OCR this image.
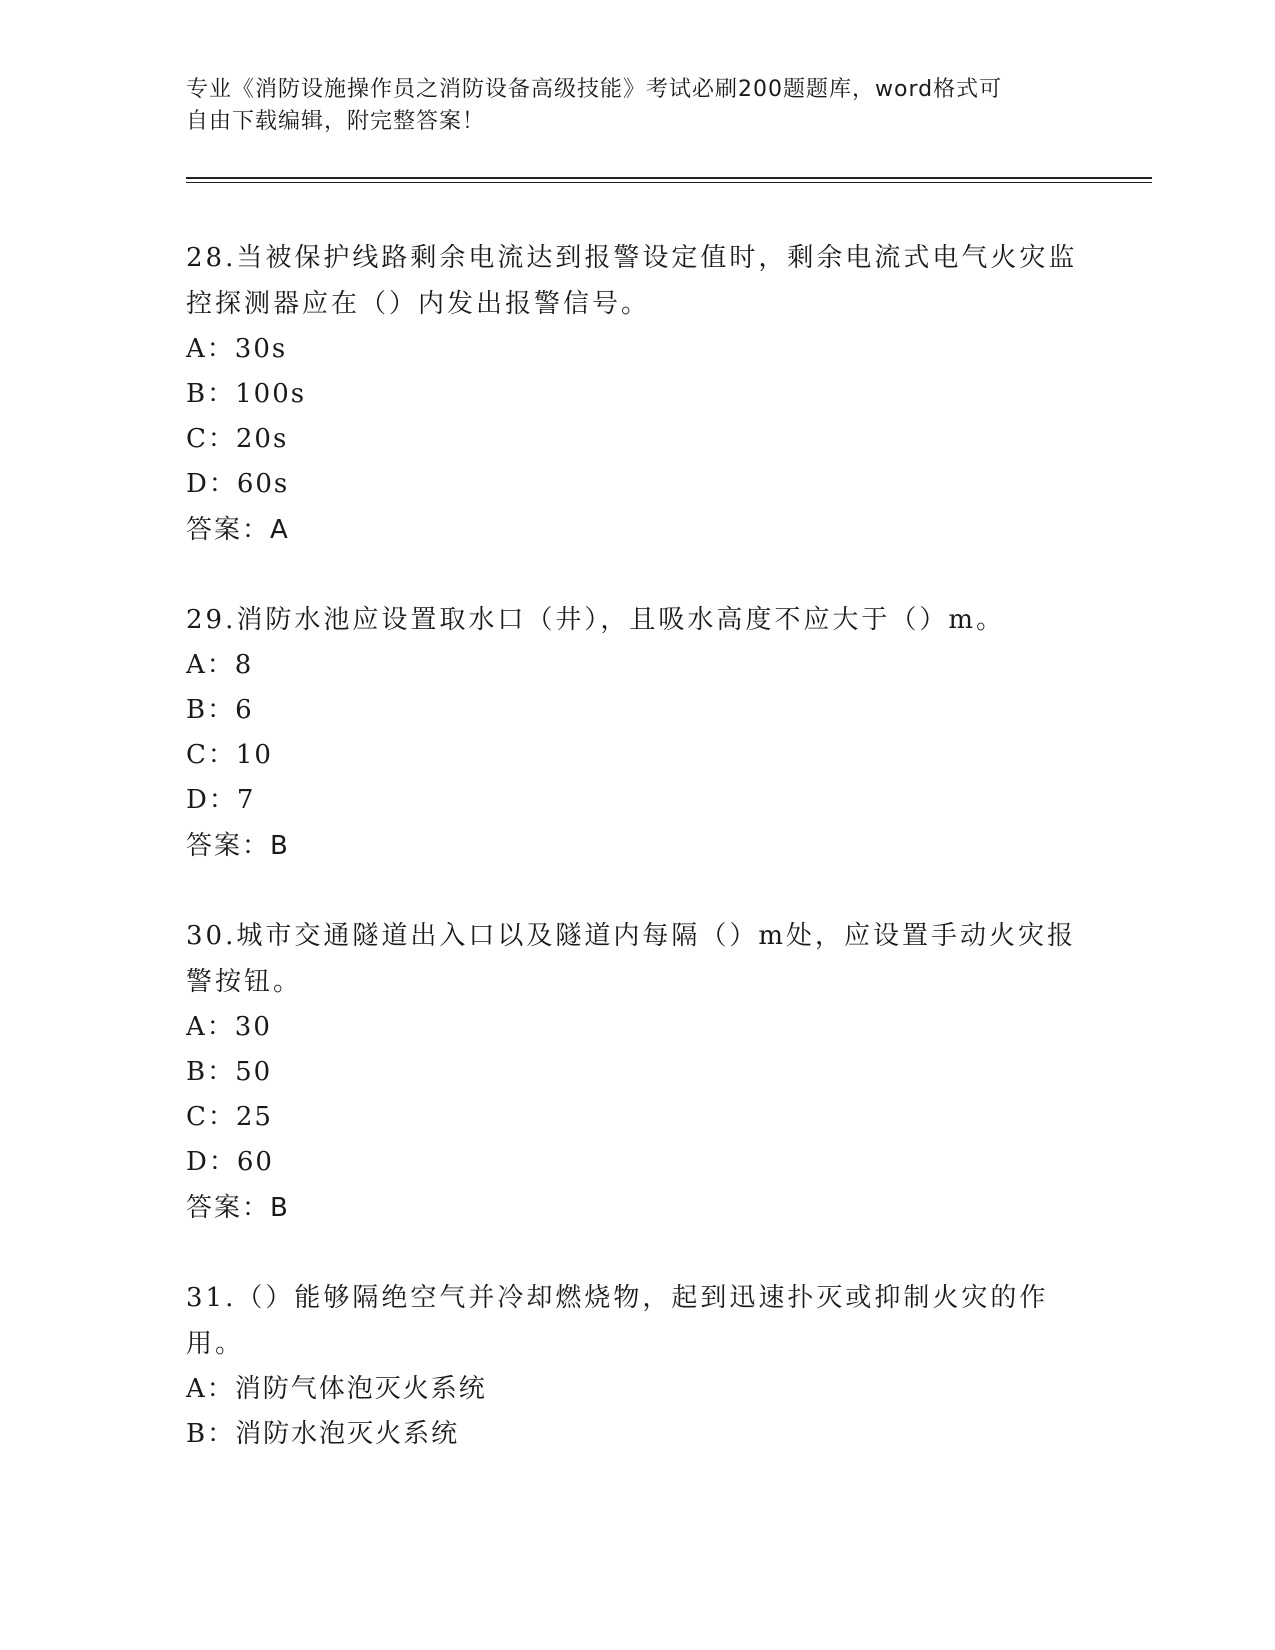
专业《消防设施操作员之消防设备高级技能》考试必刷200题题库，word格式可
自由下载编辑，附完整答案！

28.当被保护线路剩余电流达到报警设定值时，剩余电流式电气火灾监控探测器应在（）内发出报警信号。

A：30s

B：100s

C：20s

D：60s

答案：A

29.消防水池应设置取水口（井），且吸水高度不应大于（）m。

A：8

B：6

C：10

D：7

答案：B

30.城市交通隧道出入口以及隧道内每隔（）m处，应设置手动火灾报警按钮。

A：30

B：50

C：25

D：60

答案：B

31.（）能够隔绝空气并冷却燃烧物，起到迅速扑灭或抑制火灾的作用。

A：消防气体泡灭火系统

B：消防水泡灭火系统
